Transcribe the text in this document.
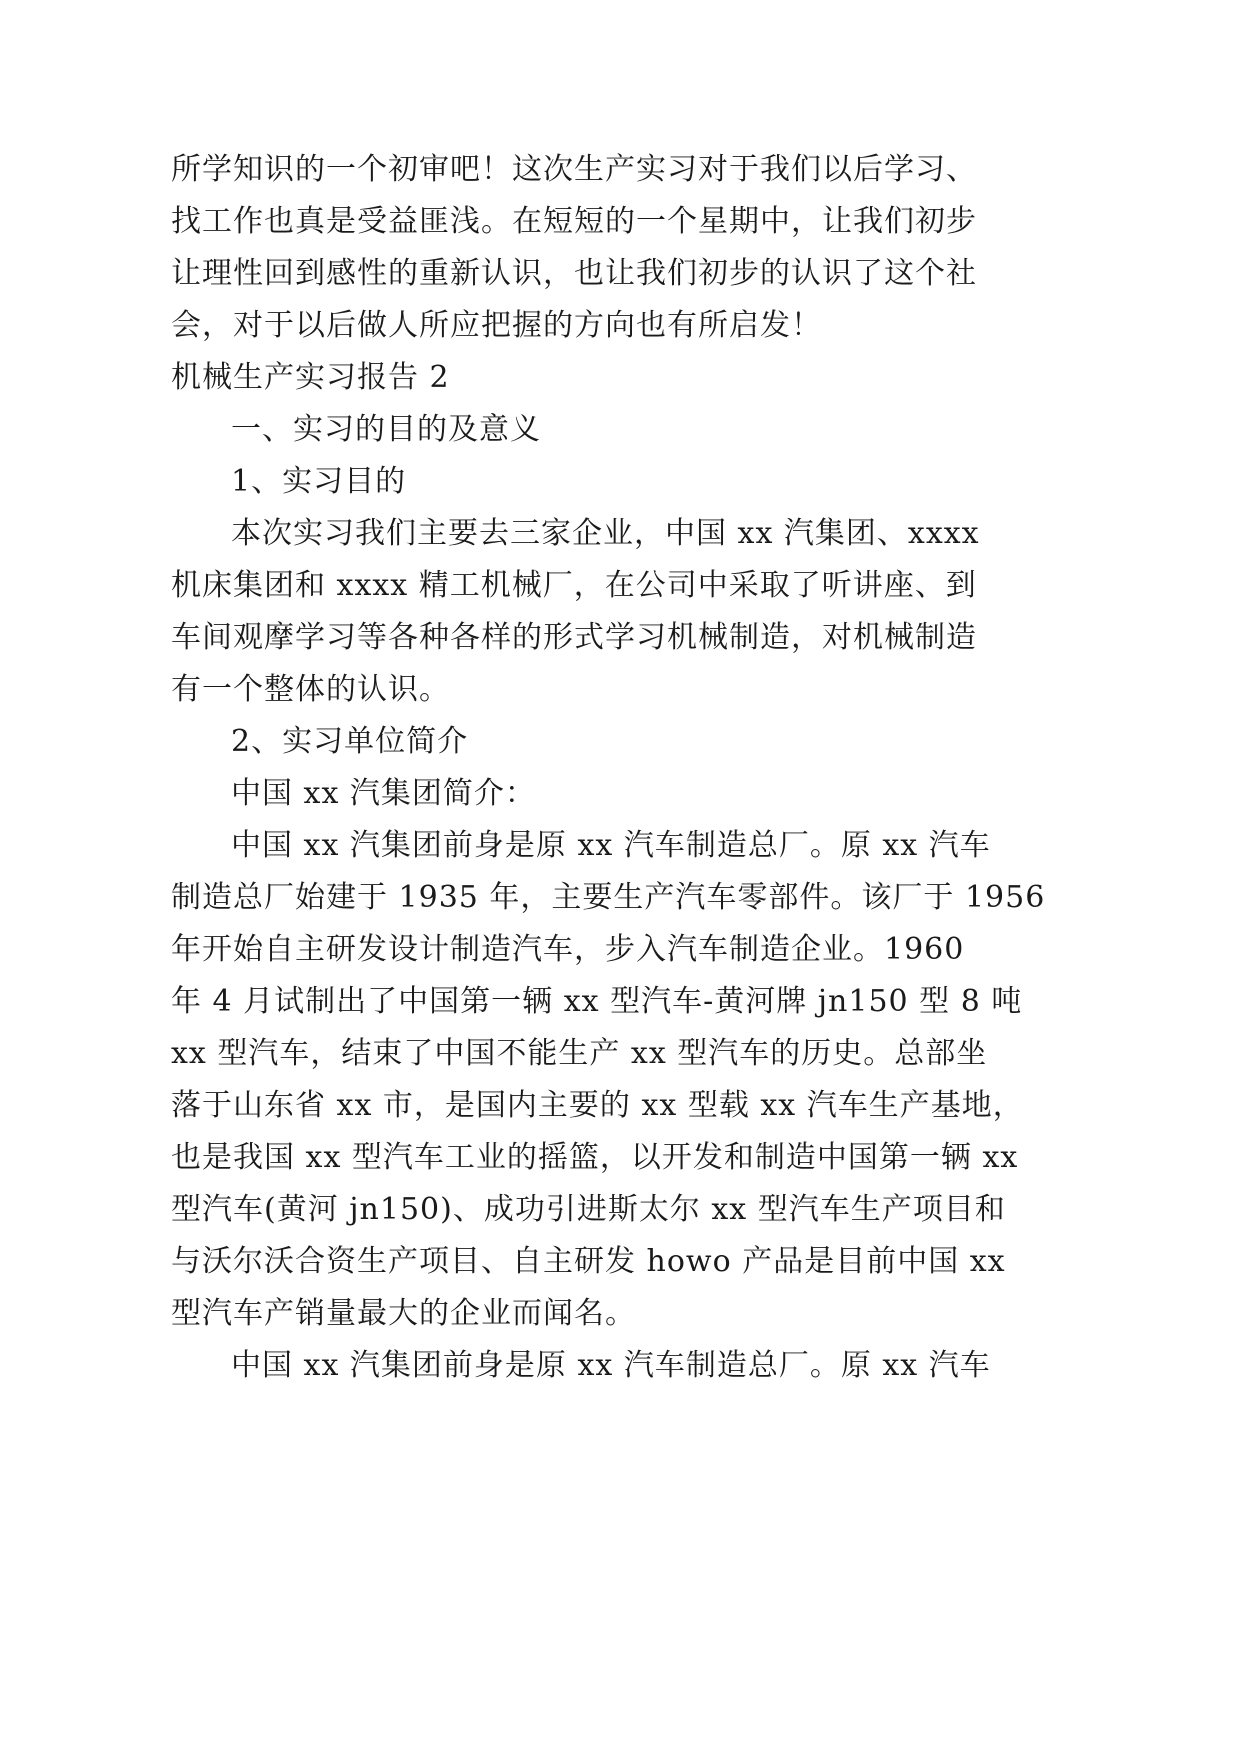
所学知识的一个初审吧！这次生产实习对于我们以后学习、
找工作也真是受益匪浅。在短短的一个星期中，让我们初步
让理性回到感性的重新认识，也让我们初步的认识了这个社
会，对于以后做人所应把握的方向也有所启发！
机械生产实习报告 2
一、实习的目的及意义
1、实习目的
本次实习我们主要去三家企业，中国 xx 汽集团、xxxx
机床集团和 xxxx 精工机械厂，在公司中采取了听讲座、到
车间观摩学习等各种各样的形式学习机械制造，对机械制造
有一个整体的认识。
2、实习单位简介
中国 xx 汽集团简介：
中国 xx 汽集团前身是原 xx 汽车制造总厂。原 xx 汽车
制造总厂始建于 1935 年，主要生产汽车零部件。该厂于 1956
年开始自主研发设计制造汽车，步入汽车制造企业。1960
年 4 月试制出了中国第一辆 xx 型汽车-黄河牌 jn150 型 8 吨
xx 型汽车，结束了中国不能生产 xx 型汽车的历史。总部坐
落于山东省 xx 市，是国内主要的 xx 型载 xx 汽车生产基地，
也是我国 xx 型汽车工业的摇篮，以开发和制造中国第一辆 xx
型汽车(黄河 jn150)、成功引进斯太尔 xx 型汽车生产项目和
与沃尔沃合资生产项目、自主研发 howo 产品是目前中国 xx
型汽车产销量最大的企业而闻名。
中国 xx 汽集团前身是原 xx 汽车制造总厂。原 xx 汽车
